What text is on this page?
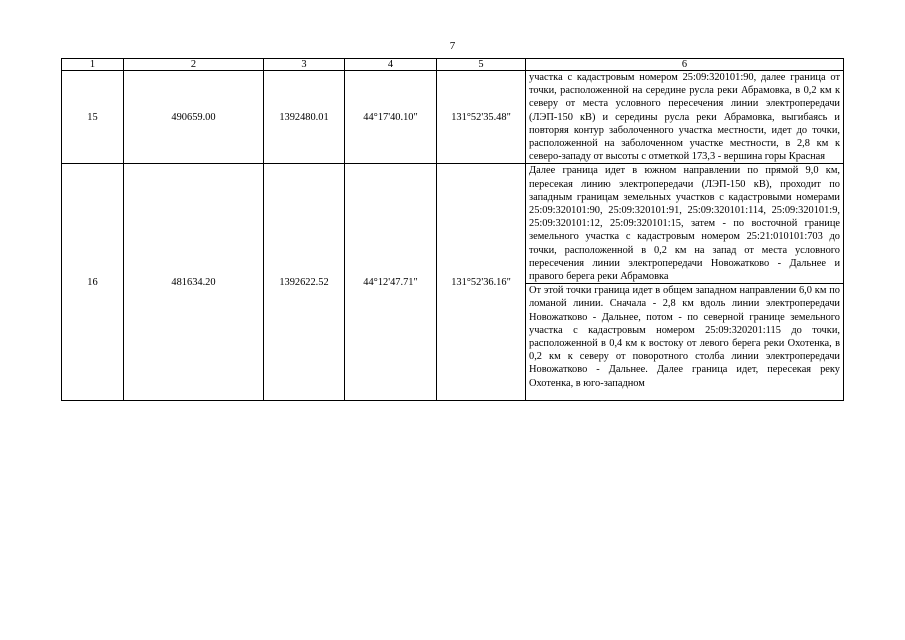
7
1	2	3	4	5	6
15	490659.00	1392480.01	44°17'40.10"	131°52'35.48"	участка с кадастровым номером 25:09:320101:90, далее граница от точки, расположенной на середине русла реки Абрамовка, в 0,2 км к северу от места условного пересечения линии электропередачи (ЛЭП-150 кВ) и середины русла реки Абрамовка, выгибаясь и повторяя контур заболоченного участка местности, идет до точки, расположенной на заболоченном участке местности, в 2,8 км к северо-западу от высоты с отметкой 173,3 - вершина горы Красная
16	481634.20	1392622.52	44°12'47.71"	131°52'36.16"	Далее граница идет в южном направлении по прямой 9,0 км, пересекая линию электропередачи (ЛЭП-150 кВ), проходит по западным границам земельных участков с кадастровыми номерами 25:09:320101:90, 25:09:320101:91, 25:09:320101:114, 25:09:320101:9, 25:09:320101:12, 25:09:320101:15, затем - по восточной границе земельного участка с кадастровым номером 25:21:010101:703 до точки, расположенной в 0,2 км на запад от места условного пересечения линии электропередачи Новожатково - Дальнее и правого берега реки Абрамовка

					От этой точки граница идет в общем западном направлении 6,0 км по ломаной линии. Сначала - 2,8 км вдоль линии электропередачи Новожатково - Дальнее, потом - по северной границе земельного участка с кадастровым номером 25:09:320201:115 до точки, расположенной в 0,4 км к востоку от левого берега реки Охотенка, в 0,2 км к северу от поворотного столба линии электропередачи Новожатково - Дальнее. Далее граница идет, пересекая реку Охотенка, в юго-западном
